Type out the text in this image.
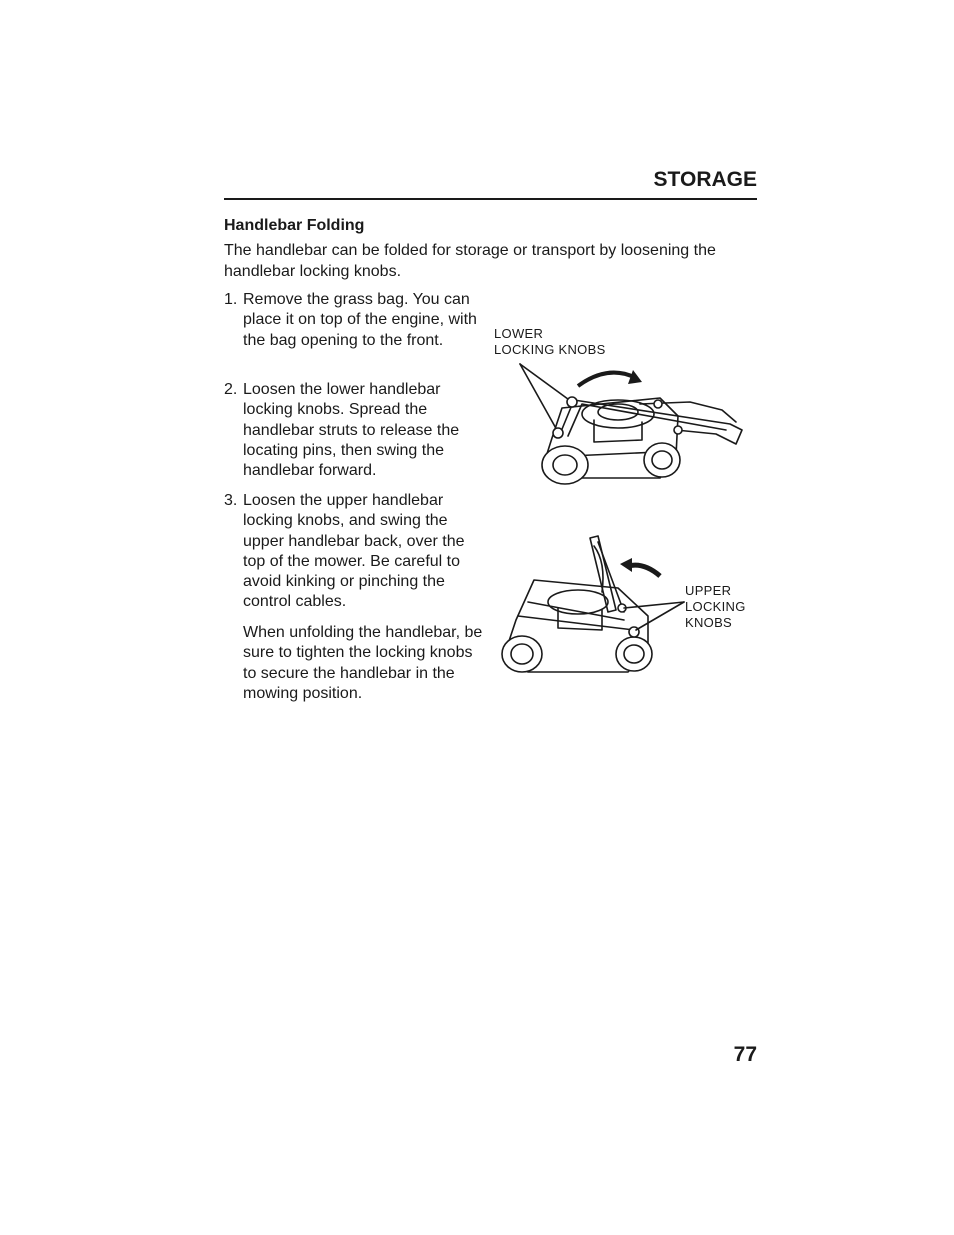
STORAGE
Handlebar Folding
The handlebar can be folded for storage or transport by loosening the handlebar locking knobs.
1. Remove the grass bag. You can place it on top of the engine, with the bag opening to the front.
2. Loosen the lower handlebar locking knobs. Spread the handlebar struts to release the locating pins, then swing the handlebar forward.
3. Loosen the upper handlebar locking knobs, and swing the upper handlebar back, over the top of the mower. Be careful to avoid kinking or pinching the control cables.
When unfolding the handlebar, be sure to tighten the locking knobs to secure the handlebar in the mowing position.
LOWER
LOCKING KNOBS
UPPER
LOCKING
KNOBS
77
